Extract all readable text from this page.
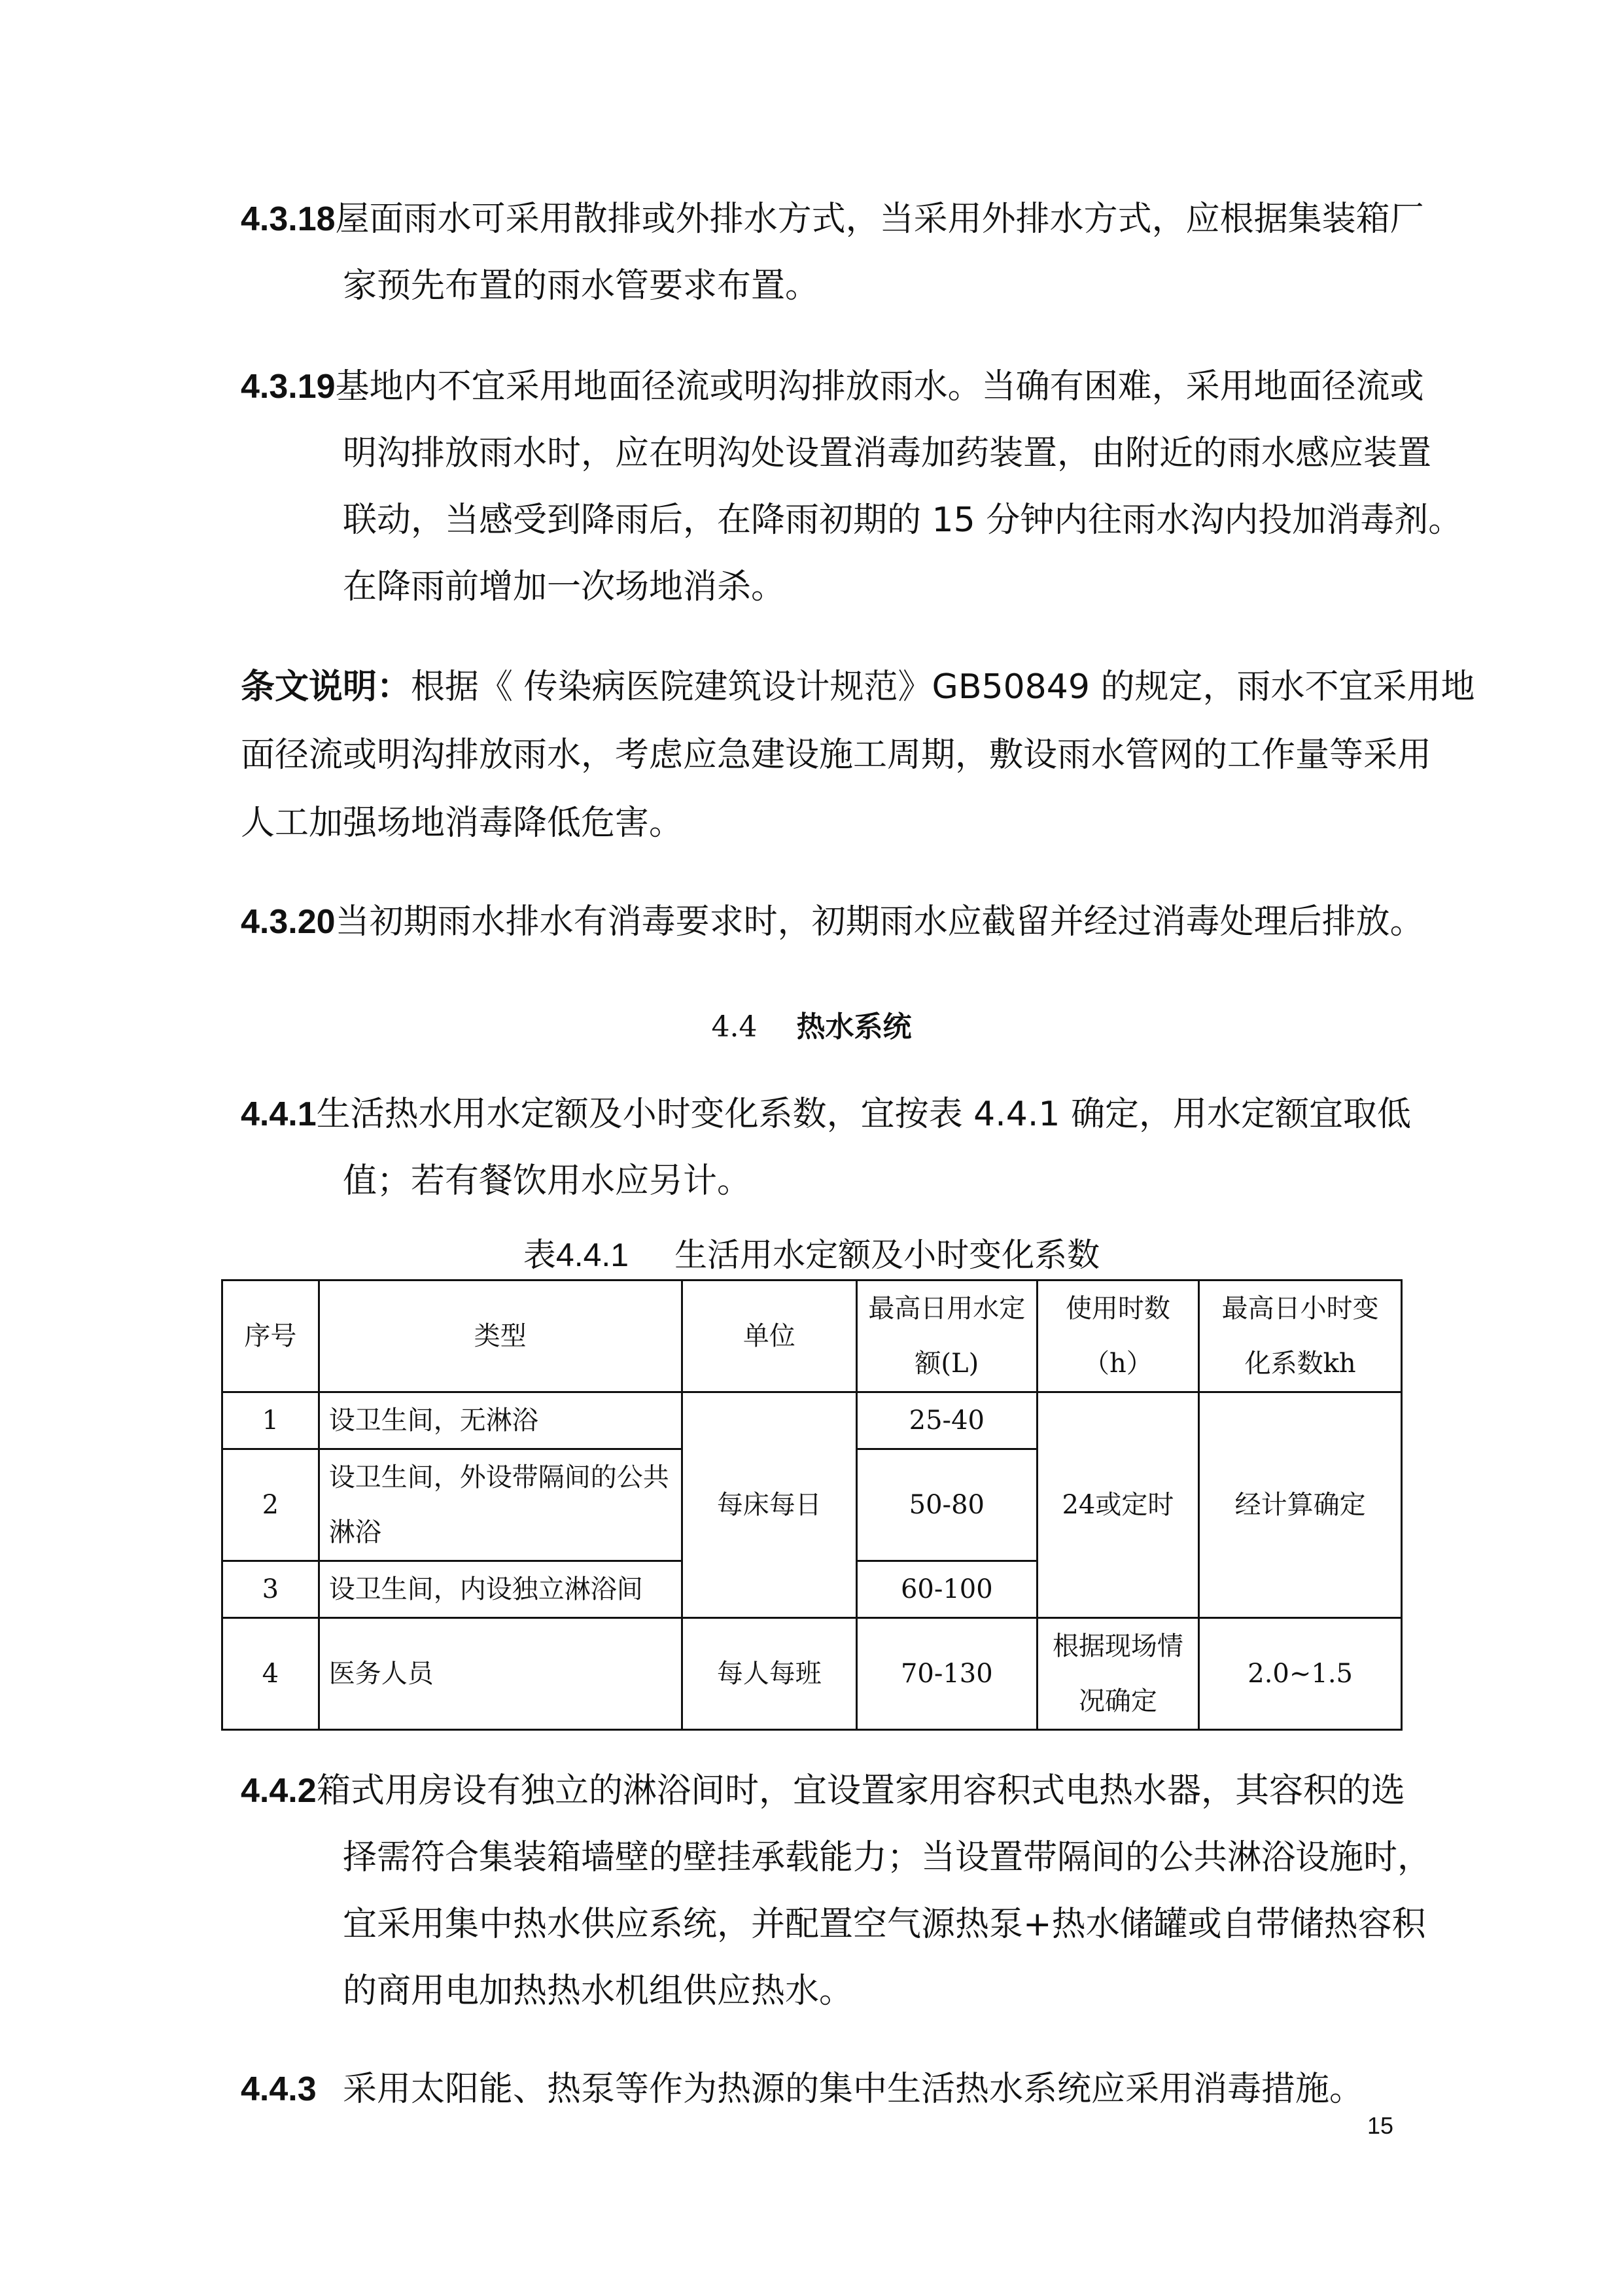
4.3.18 屋面雨水可采用散排或外排水方式，当采用外排水方式，应根据集装箱厂
家预先布置的雨水管要求布置。
4.3.19 基地内不宜采用地面径流或明沟排放雨水。当确有困难，采用地面径流或
明沟排放雨水时，应在明沟处设置消毒加药装置，由附近的雨水感应装置
联动，当感受到降雨后，在降雨初期的 15 分钟内往雨水沟内投加消毒剂。
在降雨前增加一次场地消杀。
条文说明：根据《 传染病医院建筑设计规范》GB50849 的规定，雨水不宜采用地
面径流或明沟排放雨水，考虑应急建设施工周期，敷设雨水管网的工作量等采用
人工加强场地消毒降低危害。
4.3.20 当初期雨水排水有消毒要求时，初期雨水应截留并经过消毒处理后排放。
4.4 热水系统
4.4.1 生活热水用水定额及小时变化系数，宜按表 4.4.1 确定，用水定额宜取低
值；若有餐饮用水应另计。
表4.4.1 生活用水定额及小时变化系数
序号	类型	单位	最高日用水定额(L)	使用时数（h）	最高日小时变化系数kh
1	设卫生间，无淋浴	每床每日	25-40	24或定时	经计算确定
2	设卫生间，外设带隔间的公共淋浴		50-80		
3	设卫生间，内设独立淋浴间		60-100		
4	医务人员	每人每班	70-130	根据现场情况确定	2.0~1.5
4.4.2 箱式用房设有独立的淋浴间时，宜设置家用容积式电热水器，其容积的选
择需符合集装箱墙壁的壁挂承载能力；当设置带隔间的公共淋浴设施时，
宜采用集中热水供应系统，并配置空气源热泵+热水储罐或自带储热容积
的商用电加热热水机组供应热水。
4.4.3 采用太阳能、热泵等作为热源的集中生活热水系统应采用消毒措施。
15
